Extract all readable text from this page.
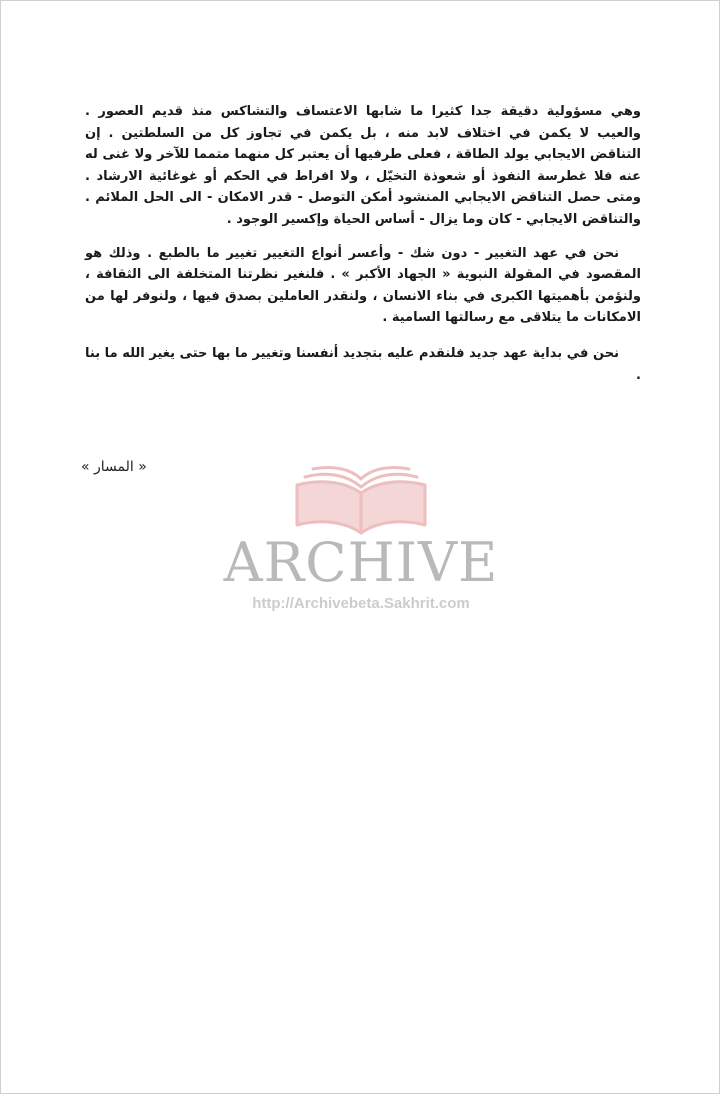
وهي مسؤولية دقيقة جدا كثيرا ما شابها الاعتساف والتشاكس منذ قديم العصور . والعيب لا يكمن في اختلاف لابد منه ، بل يكمن في تجاوز كل من السلطتين . إن التناقض الايجابي يولد الطاقة ، فعلى طرفيها أن يعتبر كل منهما متمما للآخر ولا غنى له عنه فلا غطرسة النفوذ أو شعوذة التخيّل ، ولا افراط في الحكم أو غوغائية الارشاد . ومتى حصل التناقض الايجابي المنشود أمكن التوصل - قدر الامكان - الى الحل الملائم . والتناقض الايجابي - كان وما يزال - أساس الحياة وإكسير الوجود .

نحن في عهد التغيير - دون شك - وأعسر أنواع التغيير تغيير ما بالطبع . وذلك هو المقصود في المقولة النبوية « الجهاد الأكبر » . فلنغير نظرتنا المتخلفة الى الثقافة ، ولنؤمن بأهميتها الكبرى في بناء الانسان ، ولنقدر العاملين بصدق فيها ، ولنوفر لها من الامكانات ما يتلاقى مع رسالتها السامية .

نحن في بداية عهد جديد فلنقدم عليه بتجديد أنفسنا وتغيير ما بها حتى يغير الله ما بنا .

« المسار »
ARCHIVE
http://Archivebeta.Sakhrit.com
